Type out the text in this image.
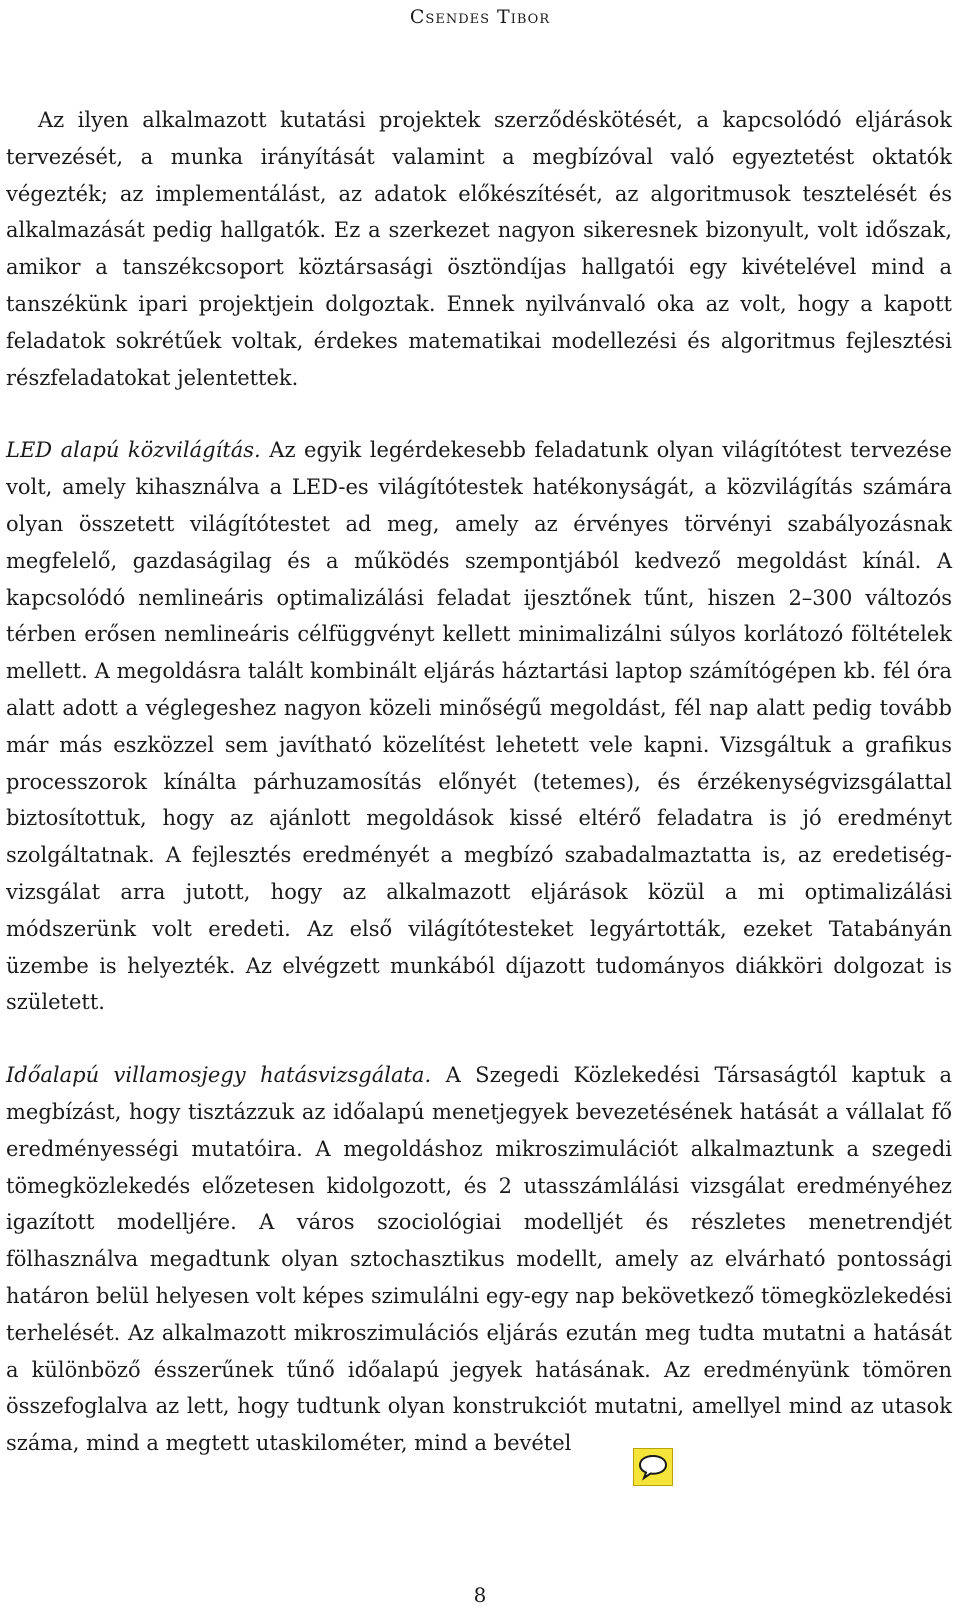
Csendes Tibor

Az ilyen alkalmazott kutatási projektek szerződéskötését, a kapcsolódó eljárások tervezését, a munka irányítását valamint a megbízóval való egyeztetést oktatók végezték; az implementálást, az adatok előkészítését, az algoritmusok tesztelését és alkalmazását pedig hallgatók. Ez a szerkezet nagyon sikeresnek bizonyult, volt időszak, amikor a tanszékcsoport köztársasági ösztöndíjas hallgatói egy kivételével mind a tanszékünk ipari projektjein dolgoztak. Ennek nyilvánvaló oka az volt, hogy a kapott feladatok sokrétűek voltak, érdekes matematikai modellezési és algoritmus fejlesztési részfeladatokat jelentettek.

LED alapú közvilágítás. Az egyik legérdekesebb feladatunk olyan világítótest tervezése volt, amely kihasználva a LED-es világítótestek hatékonyságát, a közvilágítás számára olyan összetett világítótestet ad meg, amely az érvényes törvényi szabályozásnak megfelelő, gazdaságilag és a működés szempontjából kedvező megoldást kínál. A kapcsolódó nemlineáris optimalizálási feladat ijesztőnek tűnt, hiszen 2–300 változós térben erősen nemlineáris célfüggvényt kellett minimalizálni súlyos korlátozó föltételek mellett. A megoldásra talált kombinált eljárás háztartási laptop számítógépen kb. fél óra alatt adott a véglegeshez nagyon közeli minőségű megoldást, fél nap alatt pedig tovább már más eszközzel sem javítható közelítést lehetett vele kapni. Vizsgáltuk a grafikus processzorok kínálta párhuzamosítás előnyét (tetemes), és érzékenységvizsgálattal biztosítottuk, hogy az ajánlott megoldások kissé eltérő feladatra is jó eredményt szolgáltatnak. A fejlesztés eredményét a megbízó szabadalmaztatta is, az eredetiség-vizsgálat arra jutott, hogy az alkalmazott eljárások közül a mi optimalizálási módszerünk volt eredeti. Az első világítótesteket legyártották, ezeket Tatabányán üzembe is helyezték. Az elvégzett munkából díjazott tudományos diákköri dolgozat is született.

Időalapú villamosjegy hatásvizsgálata. A Szegedi Közlekedési Társaságtól kaptuk a megbízást, hogy tisztázzuk az időalapú menetjegyek bevezetésének hatását a vállalat fő eredményességi mutatóira. A megoldáshoz mikroszimulációt alkalmaztunk a szegedi tömegközlekedés előzetesen kidolgozott, és 2 utasszámlálási vizsgálat eredményéhez igazított modelljére. A város szociológiai modelljét és részletes menetrendjét fölhasználva megadtunk olyan sztochasztikus modellt, amely az elvárható pontossági határon belül helyesen volt képes szimulálni egy-egy nap bekövetkező tömegközlekedési terhelését. Az alkalmazott mikroszimulációs eljárás ezután meg tudta mutatni a hatását a különböző ésszerűnek tűnő időalapú jegyek hatásának. Az eredményünk tömören összefoglalva az lett, hogy tudtunk olyan konstrukciót mutatni, amellyel mind az utasok száma, mind a megtett utaskilométer, mind a bevétel

8
